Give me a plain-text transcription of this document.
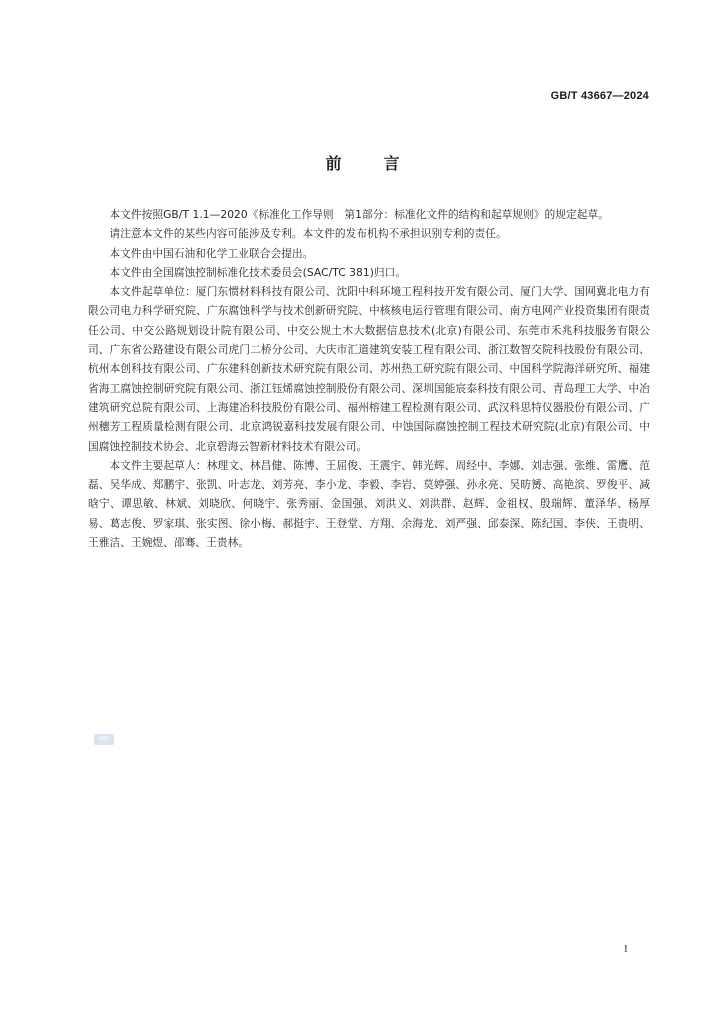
GB/T 43667—2024
前言

本文件按照GB/T 1.1—2020《标准化工作导则　第1部分：标准化文件的结构和起草规则》的规定起草。

请注意本文件的某些内容可能涉及专利。本文件的发布机构不承担识别专利的责任。

本文件由中国石油和化学工业联合会提出。

本文件由全国腐蚀控制标准化技术委员会(SAC/TC 381)归口。

本文件起草单位：厦门东惯材料科技有限公司、沈阳中科环境工程科技开发有限公司、厦门大学、国网冀北电力有限公司电力科学研究院、广东腐蚀科学与技术创新研究院、中核核电运行管理有限公司、南方电网产业投资集团有限责任公司、中交公路规划设计院有限公司、中交公规土木大数据信息技术(北京)有限公司、东莞市禾兆科技服务有限公司、广东省公路建设有限公司虎门二桥分公司、大庆市汇道建筑安装工程有限公司、浙江数智交院科技股份有限公司、杭州本创科技有限公司、广东建科创新技术研究院有限公司、苏州热工研究院有限公司、中国科学院海洋研究所、福建省海工腐蚀控制研究院有限公司、浙江钰烯腐蚀控制股份有限公司、深圳国能宸泰科技有限公司、青岛理工大学、中冶建筑研究总院有限公司、上海建冶科技股份有限公司、福州榕建工程检测有限公司、武汉科思特仪器股份有限公司、广州穗芳工程质量检测有限公司、北京鸿锐嘉科技发展有限公司、中蚀国际腐蚀控制工程技术研究院(北京)有限公司、中国腐蚀控制技术协会、北京碧海云智新材料技术有限公司。

本文件主要起草人：林理文、林昌健、陈博、王屈俊、王震宇、韩光辉、周经中、李娜、刘志强、张维、雷鹰、范磊、吴华成、郑鹏宇、张凯、叶志龙、刘芳亮、李小龙、李毅、李岩、莫婷强、孙永亮、吴昉赟、高艳滨、罗俊平、减晗宁、谭思敏、林斌、刘晓欣、何晓宇、张秀丽、金国强、刘洪义、刘洪群、赵辉、金祖权、殷瑞辉、董泽华、杨厚易、葛志俊、罗家琪、张实图、徐小梅、郝挺宇、王登堂、方翔、余海龙、刘严强、邱泰深、陈纪国、李侠、王贵明、王雅洁、王婉煜、邵骞、王贵林。

SAC
I
